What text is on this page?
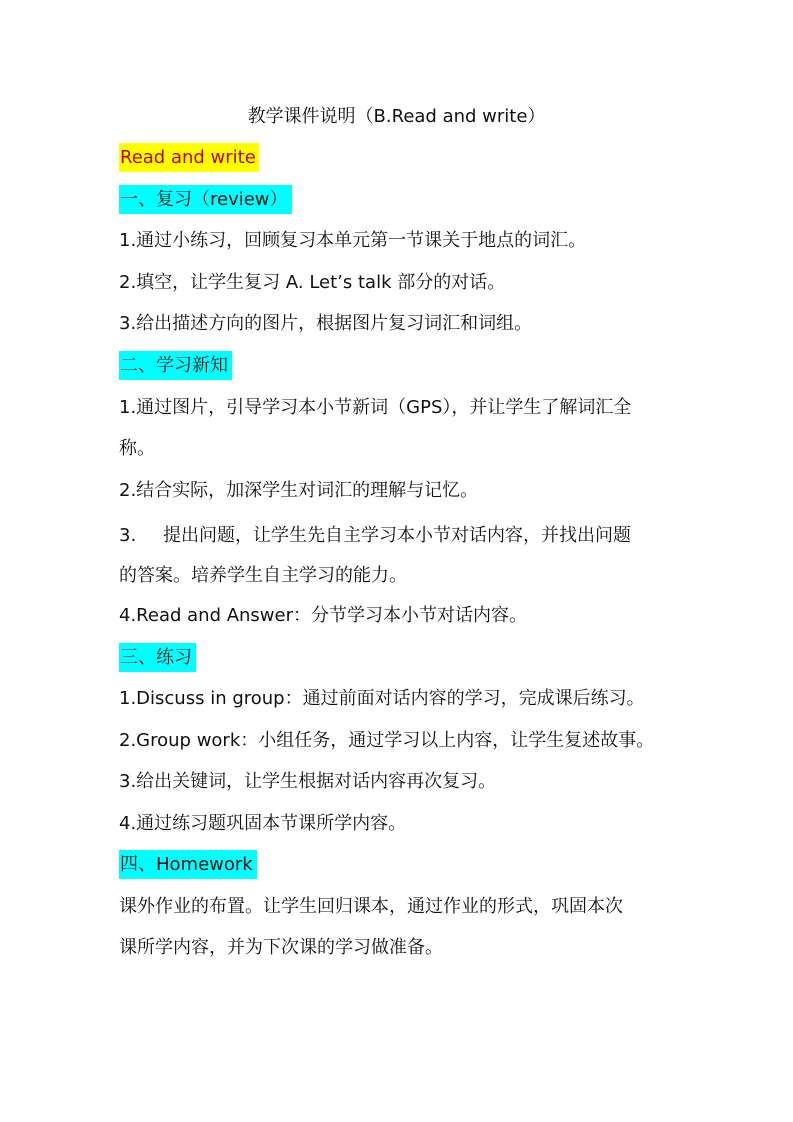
教学课件说明（B.Read and write）
Read and write
一、复习（review）
1.通过小练习，回顾复习本单元第一节课关于地点的词汇。
2.填空，让学生复习 A. Let’s talk 部分的对话。
3.给出描述方向的图片，根据图片复习词汇和词组。
二、学习新知
1.通过图片，引导学习本小节新词（GPS），并让学生了解词汇全
称。
2.结合实际，加深学生对词汇的理解与记忆。
3. 提出问题，让学生先自主学习本小节对话内容，并找出问题
的答案。培养学生自主学习的能力。
4.Read and Answer：分节学习本小节对话内容。
三、练习
1.Discuss in group：通过前面对话内容的学习，完成课后练习。
2.Group work：小组任务，通过学习以上内容，让学生复述故事。
3.给出关键词，让学生根据对话内容再次复习。
4.通过练习题巩固本节课所学内容。
四、Homework
课外作业的布置。让学生回归课本，通过作业的形式，巩固本次
课所学内容，并为下次课的学习做准备。
